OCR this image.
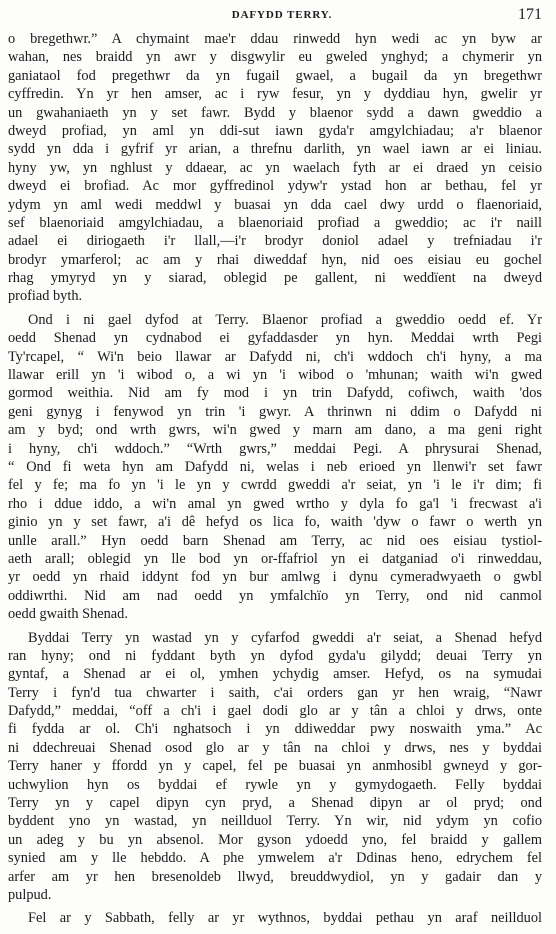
DAFYDD TERRY.	171
o bregethwr.” A chymaint mae'r ddau rinwedd hyn wedi ac yn byw ar
wahan, nes braidd yn awr y disgwylir eu gweled ynghyd; a chymerir yn
ganiataol fod pregethwr da yn fugail gwael, a bugail da yn bregethwr
cyffredin. Yn yr hen amser, ac i ryw fesur, yn y dyddiau hyn, gwelir yr
un gwahaniaeth yn y set fawr. Bydd y blaenor sydd a dawn gweddio a
dweyd profiad, yn aml yn ddi-sut iawn gyda'r amgylchiadau; a'r blaenor
sydd yn dda i gyfrif yr arian, a threfnu darlith, yn wael iawn ar ei liniau.
hyny yw, yn nghlust y ddaear, ac yn waelach fyth ar ei draed yn ceisio
dweyd ei brofiad. Ac mor gyffredinol ydyw'r ystad hon ar bethau, fel yr
ydym yn aml wedi meddwl y buasai yn dda cael dwy urdd o flaenoriaid,
sef blaenoriaid amgylchiadau, a blaenoriaid profiad a gweddio; ac i'r naill
adael ei diriogaeth i'r llall,—i'r brodyr doniol adael y trefniadau i'r
brodyr ymarferol; ac am y rhai diweddaf hyn, nid oes eisiau eu gochel
rhag ymyryd yn y siarad, oblegid pe gallent, ni weddïent na dweyd
profiad byth.
Ond i ni gael dyfod at Terry. Blaenor profiad a gweddio oedd ef. Yr
oedd Shenad yn cydnabod ei gyfaddasder yn hyn. Meddai wrth Pegi
Ty'rcapel, “ Wi'n beio llawar ar Dafydd ni, ch'i wddoch ch'i hyny, a ma
llawar erill yn 'i wibod o, a wi yn 'i wibod o 'mhunan; waith wi'n gwed
gormod weithia. Nid am fy mod i yn trin Dafydd, cofiwch, waith 'dos
geni gynyg i fenywod yn trin 'i gwyr. A thrinwn ni ddim o Dafydd ni
am y byd; ond wrth gwrs, wi'n gwed y marn am dano, a ma geni right
i hyny, ch'i wddoch.” “Wrth gwrs,” meddai Pegi. A phrysurai Shenad,
“ Ond fi weta hyn am Dafydd ni, welas i neb erioed yn llenwi'r set fawr
fel y fe; ma fo yn 'i le yn y cwrdd gweddi a'r seiat, yn 'i le i'r dim; fi
rho i ddue iddo, a wi'n amal yn gwed wrtho y dyla fo ga'l 'i frecwast a'i
ginio yn y set fawr, a'i dê hefyd os lica fo, waith 'dyw o fawr o werth yn
unlle arall.” Hyn oedd barn Shenad am Terry, ac nid oes eisiau tystiol-
aeth arall; oblegid yn lle bod yn or-ffafriol yn ei datganiad o'i rinweddau,
yr oedd yn rhaid iddynt fod yn bur amlwg i dynu cymeradwyaeth o gwbl
oddiwrthi. Nid am nad oedd yn ymfalchïo yn Terry, ond nid canmol
oedd gwaith Shenad.
Byddai Terry yn wastad yn y cyfarfod gweddi a'r seiat, a Shenad hefyd
ran hyny; ond ni fyddant byth yn dyfod gyda'u gilydd; deuai Terry yn
gyntaf, a Shenad ar ei ol, ymhen ychydig amser. Hefyd, os na symudai
Terry i fyn'd tua chwarter i saith, c'ai orders gan yr hen wraig, “Nawr
Dafydd,” meddai, “off a ch'i i gael dodi glo ar y tân a chloi y drws, onte
fi fydda ar ol. Ch'i nghatsoch i yn ddiweddar pwy noswaith yma.” Ac
ni ddechreuai Shenad osod glo ar y tân na chloi y drws, nes y byddai
Terry haner y ffordd yn y capel, fel pe buasai yn anmhosibl gwneyd y gor-
uchwylion hyn os byddai ef rywle yn y gymydogaeth. Felly byddai
Terry yn y capel dipyn cyn pryd, a Shenad dipyn ar ol pryd; ond
byddent yno yn wastad, yn neillduol Terry. Yn wir, nid ydym yn cofio
un adeg y bu yn absenol. Mor gyson ydoedd yno, fel braidd y gallem
synied am y lle hebddo. A phe ymwelem a'r Ddinas heno, edrychem fel
arfer am yr hen bresenoldeb llwyd, breuddwydiol, yn y gadair dan y
pulpud.
Fel ar y Sabbath, felly ar yr wythnos, byddai pethau yn araf neillduol
